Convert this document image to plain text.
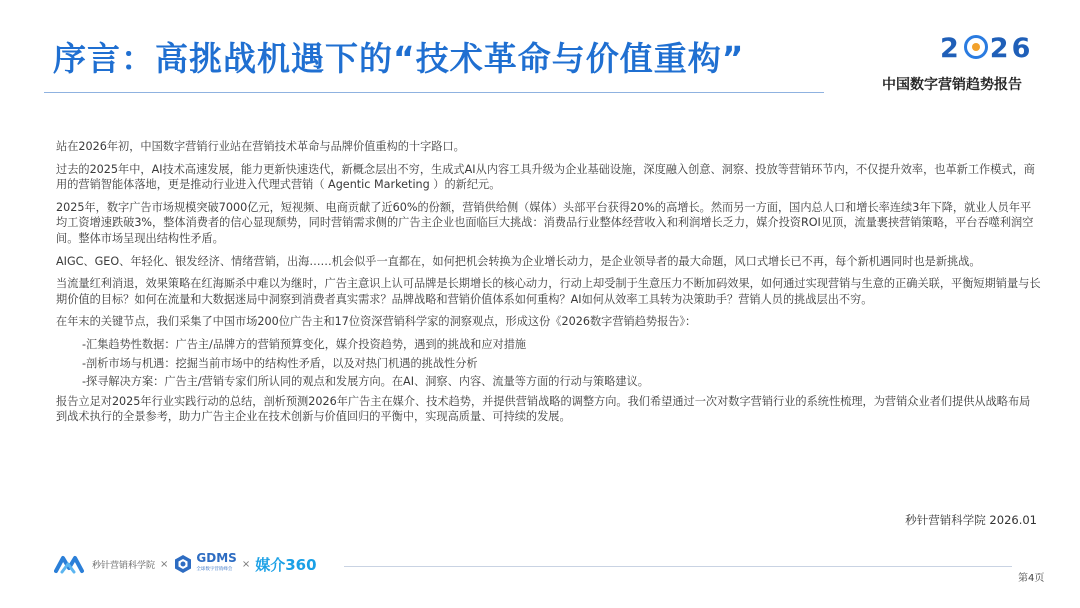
序言：高挑战机遇下的“技术革命与价值重构”	2 26
中国数字营销趋势报告

站在2026年初，中国数字营销行业站在营销技术革命与品牌价值重构的十字路口。

过去的2025年中，AI技术高速发展，能力更新快速迭代，新概念层出不穷，生成式AI从内容工具升级为企业基础设施，深度融入创意、洞察、投放等营销环节内，不仅提升效率，也革新工作模式，商用的营销智能体落地，更是推动行业进入代理式营销（ Agentic Marketing ）的新纪元。

2025年，数字广告市场规模突破7000亿元，短视频、电商贡献了近60%的份额，营销供给侧（媒体）头部平台获得20%的高增长。然而另一方面，国内总人口和增长率连续3年下降，就业人员年平均工资增速跌破3%，整体消费者的信心显现颓势，同时营销需求侧的广告主企业也面临巨大挑战：消费品行业整体经营收入和利润增长乏力，媒介投资ROI见顶，流量裹挟营销策略，平台吞噬利润空间。整体市场呈现出结构性矛盾。

AIGC、GEO、年轻化、银发经济、情绪营销，出海……机会似乎一直都在，如何把机会转换为企业增长动力，是企业领导者的最大命题，风口式增长已不再，每个新机遇同时也是新挑战。

当流量红利消退，效果策略在红海厮杀中难以为继时，广告主意识上认可品牌是长期增长的核心动力，行动上却受制于生意压力不断加码效果，如何通过实现营销与生意的正确关联，平衡短期销量与长期价值的目标？如何在流量和大数据迷局中洞察到消费者真实需求？品牌战略和营销价值体系如何重构？AI如何从效率工具转为决策助手？营销人员的挑战层出不穷。

在年末的关键节点，我们采集了中国市场200位广告主和17位资深营销科学家的洞察观点，形成这份《2026数字营销趋势报告》：

-汇集趋势性数据：广告主/品牌方的营销预算变化，媒介投资趋势，遇到的挑战和应对措施

-剖析市场与机遇：挖掘当前市场中的结构性矛盾，以及对热门机遇的挑战性分析

-探寻解决方案：广告主/营销专家们所认同的观点和发展方向。在AI、洞察、内容、流量等方面的行动与策略建议。

报告立足对2025年行业实践行动的总结，剖析预测2026年广告主在媒介、技术趋势，并提供营销战略的调整方向。我们希望通过一次对数字营销行业的系统性梳理，为营销众业者们提供从战略布局到战术执行的全景参考，助力广告主企业在技术创新与价值回归的平衡中，实现高质量、可持续的发展。

秒针营销科学院 2026.01
秒针营销科学院 × GDMS
全球数字营销峰会 × 媒介360
第4页
